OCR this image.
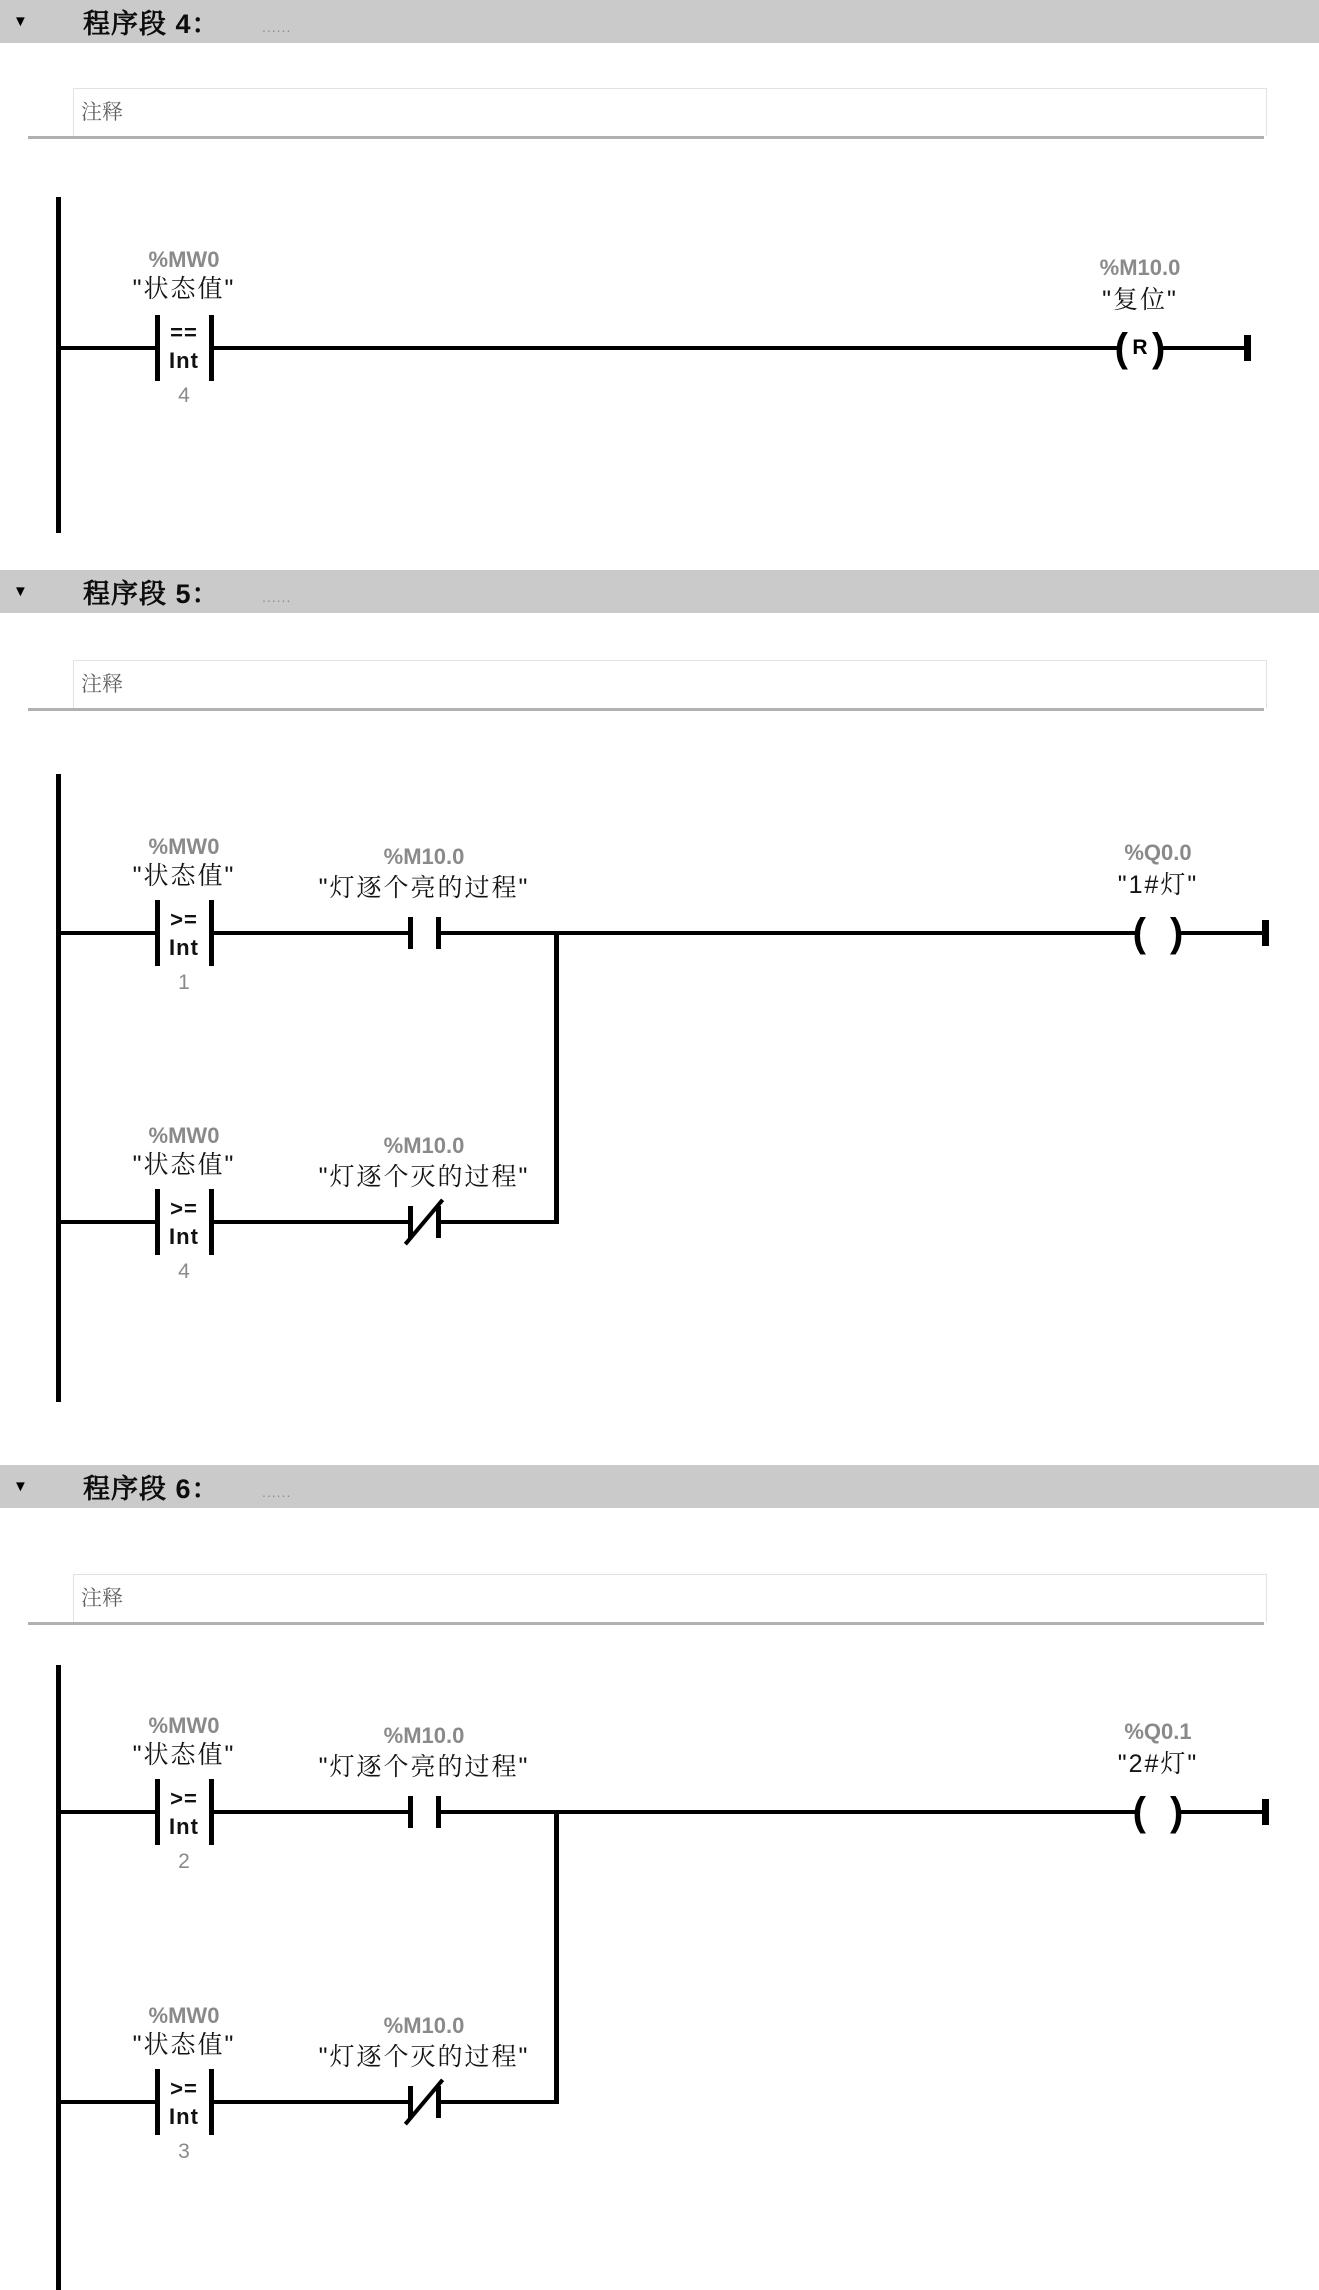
▼ 程序段 4：	......
注释
%MW0
"状态值"
==
Int
4
%M10.0
"复位"
( R )
▼ 程序段 5：	......
注释
%MW0
"状态值"
>=
Int
1
%M10.0
"灯逐个亮的过程"
%Q0.0
"1#灯"
( )
%MW0
"状态值"
>=
Int
4
%M10.0
"灯逐个灭的过程"
▼ 程序段 6：	......
注释
%MW0
"状态值"
>=
Int
2
%M10.0
"灯逐个亮的过程"
%Q0.1
"2#灯"
( )
%MW0
"状态值"
>=
Int
3
%M10.0
"灯逐个灭的过程"
